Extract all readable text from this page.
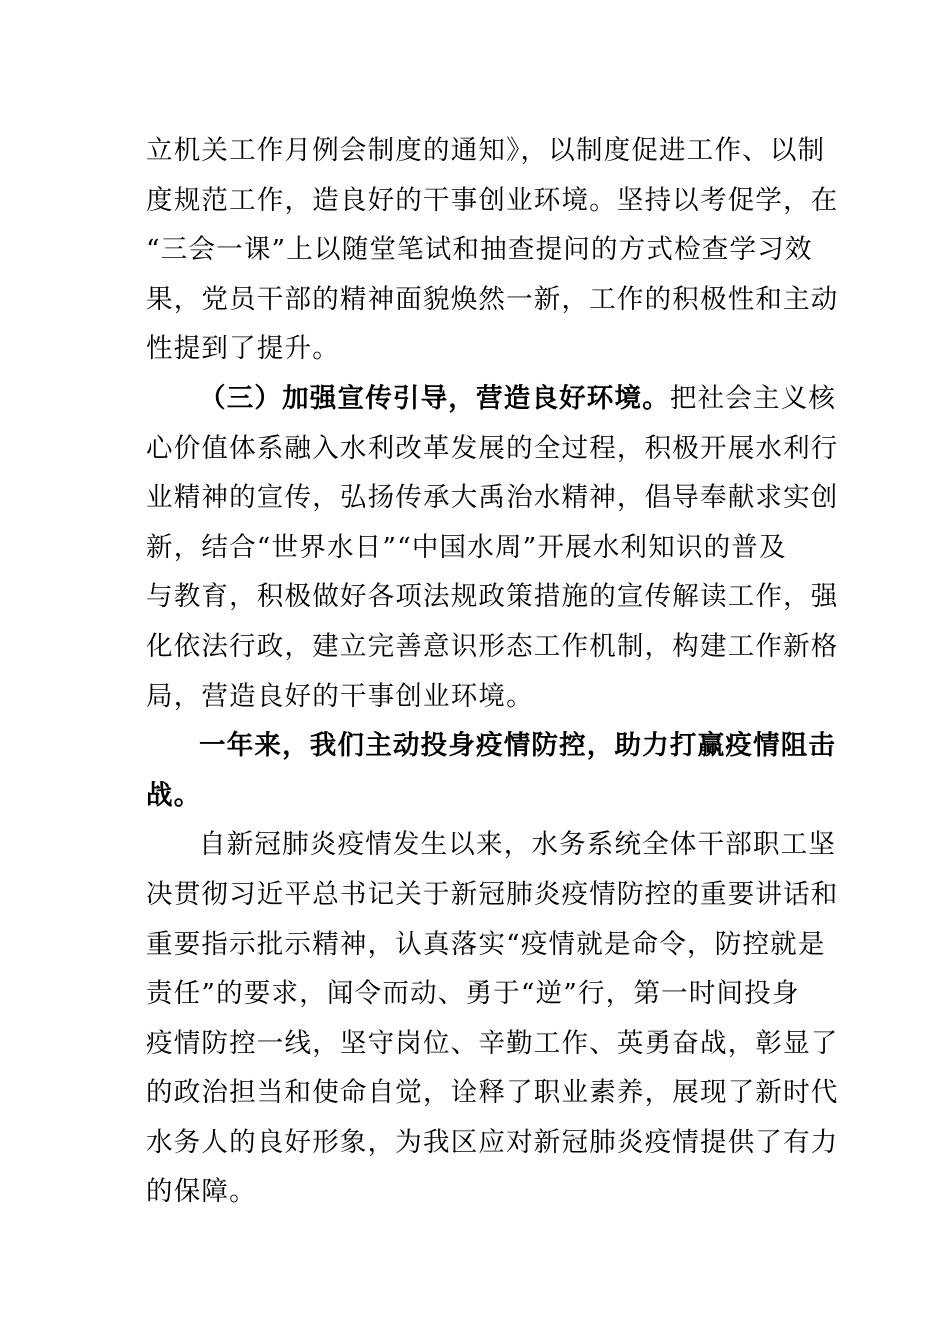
立机关工作月例会制度的通知》，以制度促进工作、以制
度规范工作，造良好的干事创业环境。坚持以考促学，在
“三会一课”上以随堂笔试和抽查提问的方式检查学习效
果，党员干部的精神面貌焕然一新，工作的积极性和主动
性提到了提升。

（三）加强宣传引导，营造良好环境。把社会主义核
心价值体系融入水利改革发展的全过程，积极开展水利行
业精神的宣传，弘扬传承大禹治水精神，倡导奉献求实创
新，结合“世界水日”“中国水周”开展水利知识的普及
与教育，积极做好各项法规政策措施的宣传解读工作，强
化依法行政，建立完善意识形态工作机制，构建工作新格
局，营造良好的干事创业环境。

一年来，我们主动投身疫情防控，助力打赢疫情阻击
战。

自新冠肺炎疫情发生以来，水务系统全体干部职工坚
决贯彻习近平总书记关于新冠肺炎疫情防控的重要讲话和
重要指示批示精神，认真落实“疫情就是命令，防控就是
责任”的要求，闻令而动、勇于“逆”行，第一时间投身
疫情防控一线，坚守岗位、辛勤工作、英勇奋战，彰显了
的政治担当和使命自觉，诠释了职业素养，展现了新时代
水务人的良好形象，为我区应对新冠肺炎疫情提供了有力
的保障。
